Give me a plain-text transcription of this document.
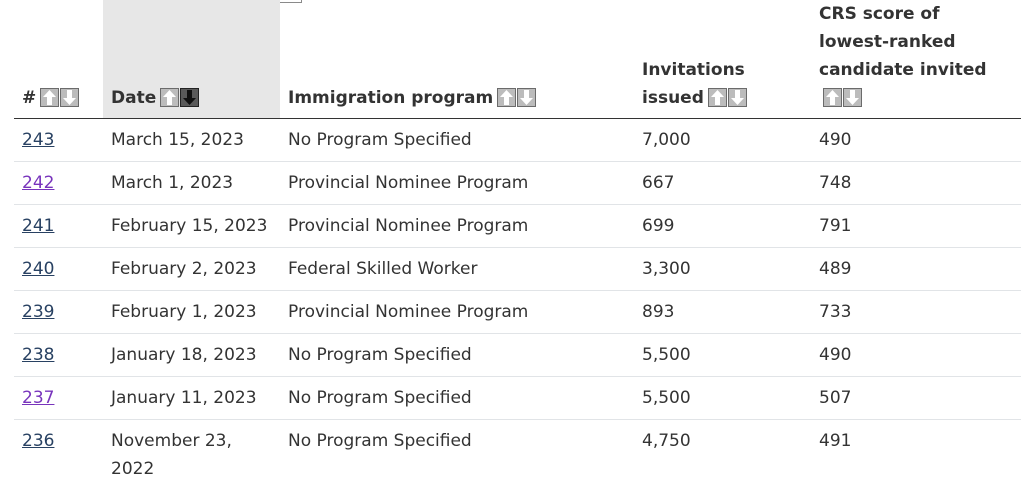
#	Date	Immigration program	Invitations issued	CRS score of lowest-ranked candidate invited

243	March 15, 2023	No Program Specified	7,000	490
242	March 1, 2023	Provincial Nominee Program	667	748
241	February 15, 2023	Provincial Nominee Program	699	791
240	February 2, 2023	Federal Skilled Worker	3,300	489
239	February 1, 2023	Provincial Nominee Program	893	733
238	January 18, 2023	No Program Specified	5,500	490
237	January 11, 2023	No Program Specified	5,500	507
236	November 23, 2022	No Program Specified	4,750	491
